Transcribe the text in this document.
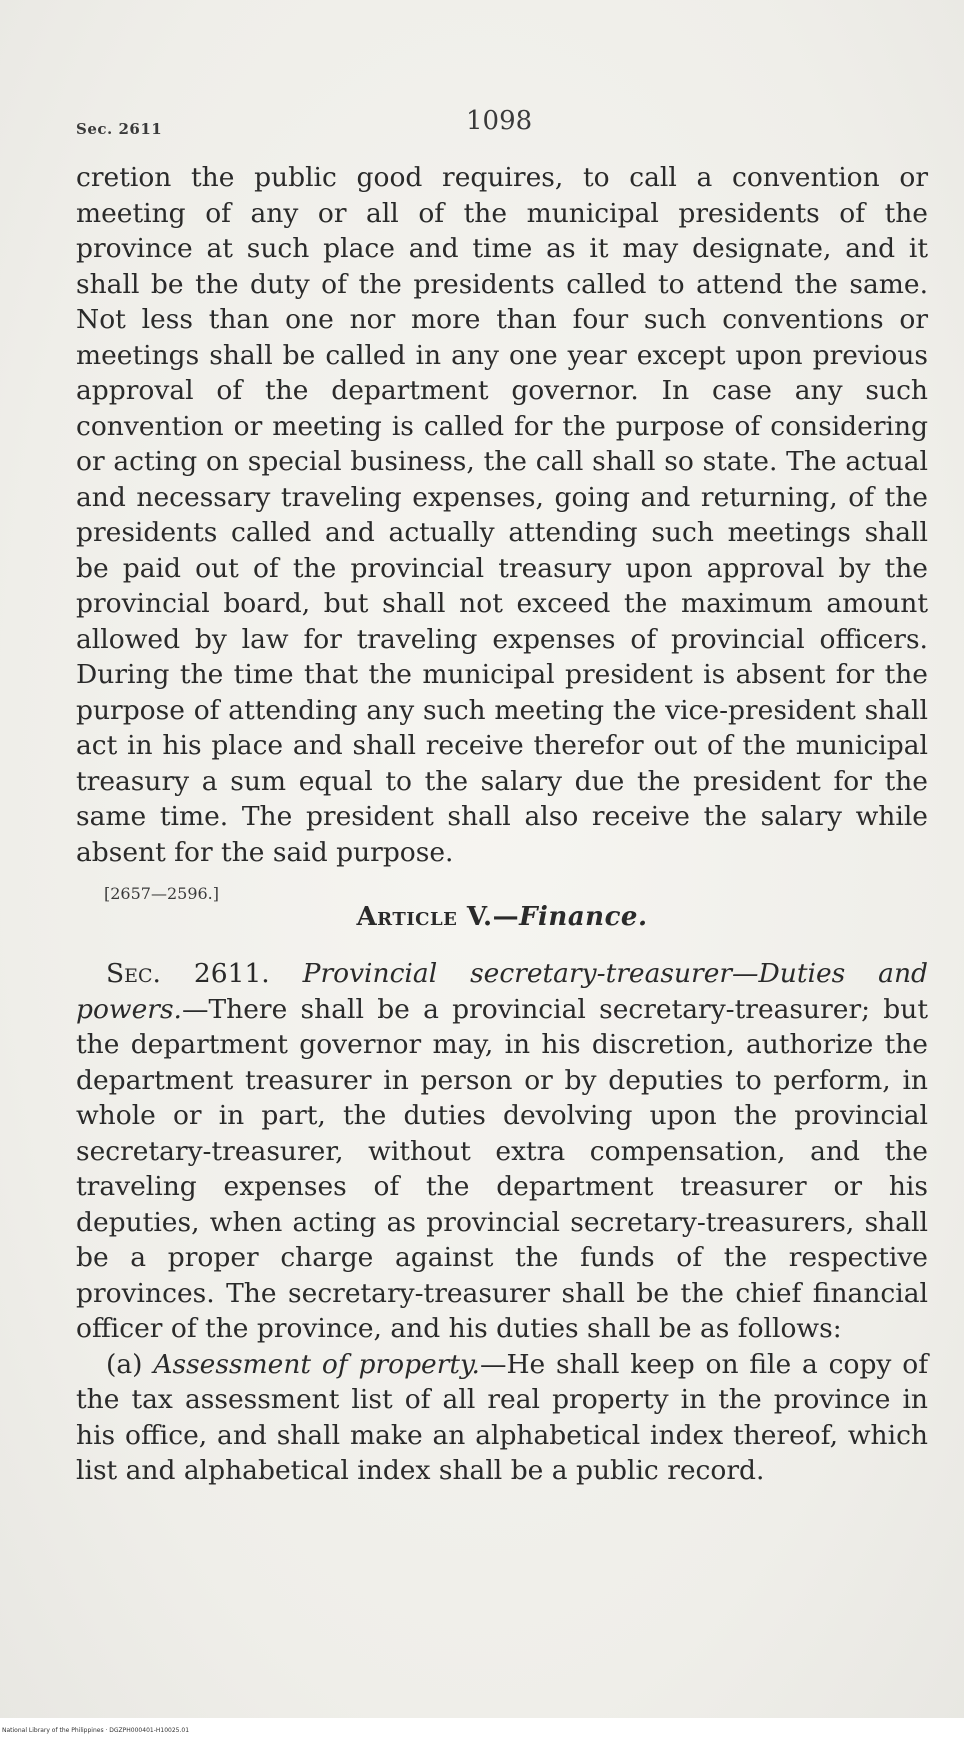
Sec. 2611	1098

cretion the public good requires, to call a convention or meeting of any or all of the municipal presidents of the province at such place and time as it may designate, and it shall be the duty of the presidents called to attend the same. Not less than one nor more than four such conventions or meetings shall be called in any one year except upon previous approval of the department governor. In case any such convention or meeting is called for the purpose of considering or acting on special business, the call shall so state. The actual and necessary traveling expenses, going and returning, of the presidents called and actually attending such meetings shall be paid out of the provincial treasury upon approval by the provincial board, but shall not exceed the maximum amount allowed by law for traveling expenses of provincial officers. During the time that the municipal president is absent for the purpose of attending any such meeting the vice-president shall act in his place and shall receive therefor out of the municipal treasury a sum equal to the salary due the president for the same time. The president shall also receive the salary while absent for the said purpose.

[2657—2596.]
Article V.—Finance.

Sec. 2611. Provincial secretary-treasurer—Duties and powers.—There shall be a provincial secretary-treasurer; but the department governor may, in his discretion, authorize the department treasurer in person or by deputies to perform, in whole or in part, the duties devolving upon the provincial secretary-treasurer, without extra compensation, and the traveling expenses of the department treasurer or his deputies, when acting as provincial secretary-treasurers, shall be a proper charge against the funds of the respective provinces. The secretary-treasurer shall be the chief financial officer of the province, and his duties shall be as follows:

(a) Assessment of property.—He shall keep on file a copy of the tax assessment list of all real property in the province in his office, and shall make an alphabetical index thereof, which list and alphabetical index shall be a public record.

National Library of the Philippines · DGZPH000401-H10025.01
